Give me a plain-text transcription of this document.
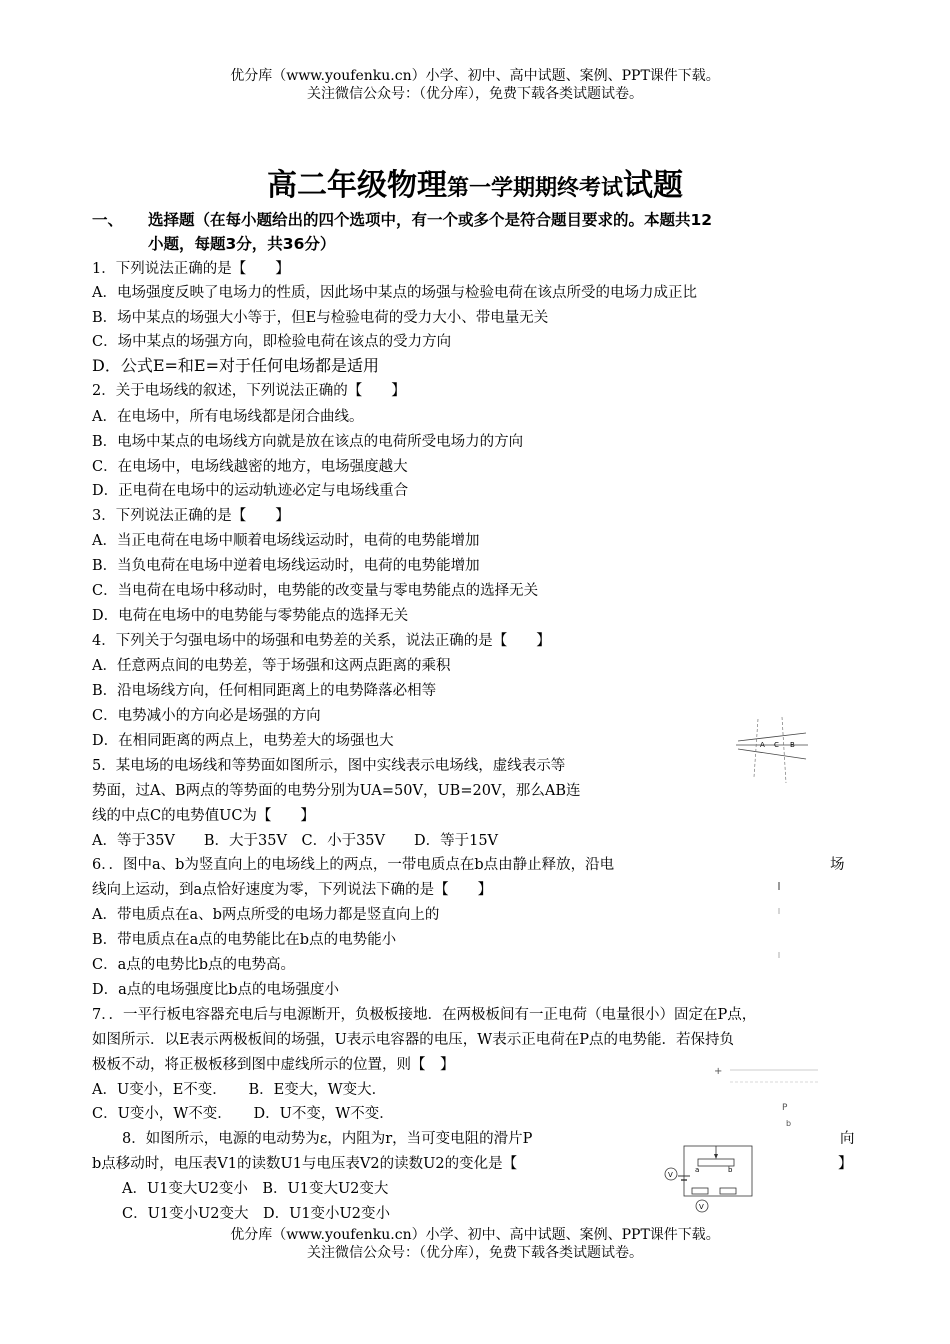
优分库（www.youfenku.cn）小学、初中、高中试题、案例、PPT课件下载。
关注微信公众号：（优分库），免费下载各类试题试卷。
高二年级物理第一学期期终考试试题
一、 选择题（在每小题给出的四个选项中，有一个或多个是符合题目要求的。本题共12
小题，每题3分，共36分）
1．下列说法正确的是【　　】
A．电场强度反映了电场力的性质，因此场中某点的场强与检验电荷在该点所受的电场力成正比
B．场中某点的场强大小等于，但E与检验电荷的受力大小、带电量无关
C．场中某点的场强方向，即检验电荷在该点的受力方向
D．公式E=和E=对于任何电场都是适用
2．关于电场线的叙述，下列说法正确的【　　】
A．在电场中，所有电场线都是闭合曲线。
B．电场中某点的电场线方向就是放在该点的电荷所受电场力的方向
C．在电场中，电场线越密的地方，电场强度越大
D．正电荷在电场中的运动轨迹必定与电场线重合
3．下列说法正确的是【　　】
A．当正电荷在电场中顺着电场线运动时，电荷的电势能增加
B．当负电荷在电场中逆着电场线运动时，电荷的电势能增加
C．当电荷在电场中移动时，电势能的改变量与零电势能点的选择无关
D．电荷在电场中的电势能与零势能点的选择无关
4．下列关于匀强电场中的场强和电势差的关系，说法正确的是【　　】
A．任意两点间的电势差，等于场强和这两点距离的乘积
B．沿电场线方向，任何相同距离上的电势降落必相等
C．电势减小的方向必是场强的方向
D．在相同距离的两点上，电势差大的场强也大
5．某电场的电场线和等势面如图所示，图中实线表示电场线，虚线表示等
势面，过A、B两点的等势面的电势分别为UA=50V，UB=20V，那么AB连
线的中点C的电势值UC为【　　】
A．等于35V　　B．大于35V　C．小于35V　　D．等于15V
6．．图中a、b为竖直向上的电场线上的两点，一带电质点在b点由静止释放，沿电
线向上运动，到a点恰好速度为零，下列说法下确的是【　　】
A．带电质点在a、b两点所受的电场力都是竖直向上的
B．带电质点在a点的电势能比在b点的电势能小
C．a点的电势比b点的电势高。
D．a点的电场强度比b点的电场强度小
7．．一平行板电容器充电后与电源断开，负极板接地．在两极板间有一正电荷（电量很小）固定在P点，
如图所示．以E表示两极板间的场强，U表示电容器的电压，W表示正电荷在P点的电势能．若保持负
极板不动，将正极板移到图中虚线所示的位置，则【　】
A．U变小，E不变．　　B．E变大，W变大．
C．U变小，W不变．　　D．U不变，W不变．
8．如图所示，电源的电动势为ε，内阻为r，当可变电阻的滑片P
b点移动时，电压表V1的读数U1与电压表V2的读数U2的变化是【
A．U1变大U2变小　B．U1变大U2变大
C．U1变小U2变大　D．U1变小U2变小
场
向
】
A C B
+
P
b
a	b
V
V
优分库（www.youfenku.cn）小学、初中、高中试题、案例、PPT课件下载。
关注微信公众号：（优分库），免费下载各类试题试卷。
